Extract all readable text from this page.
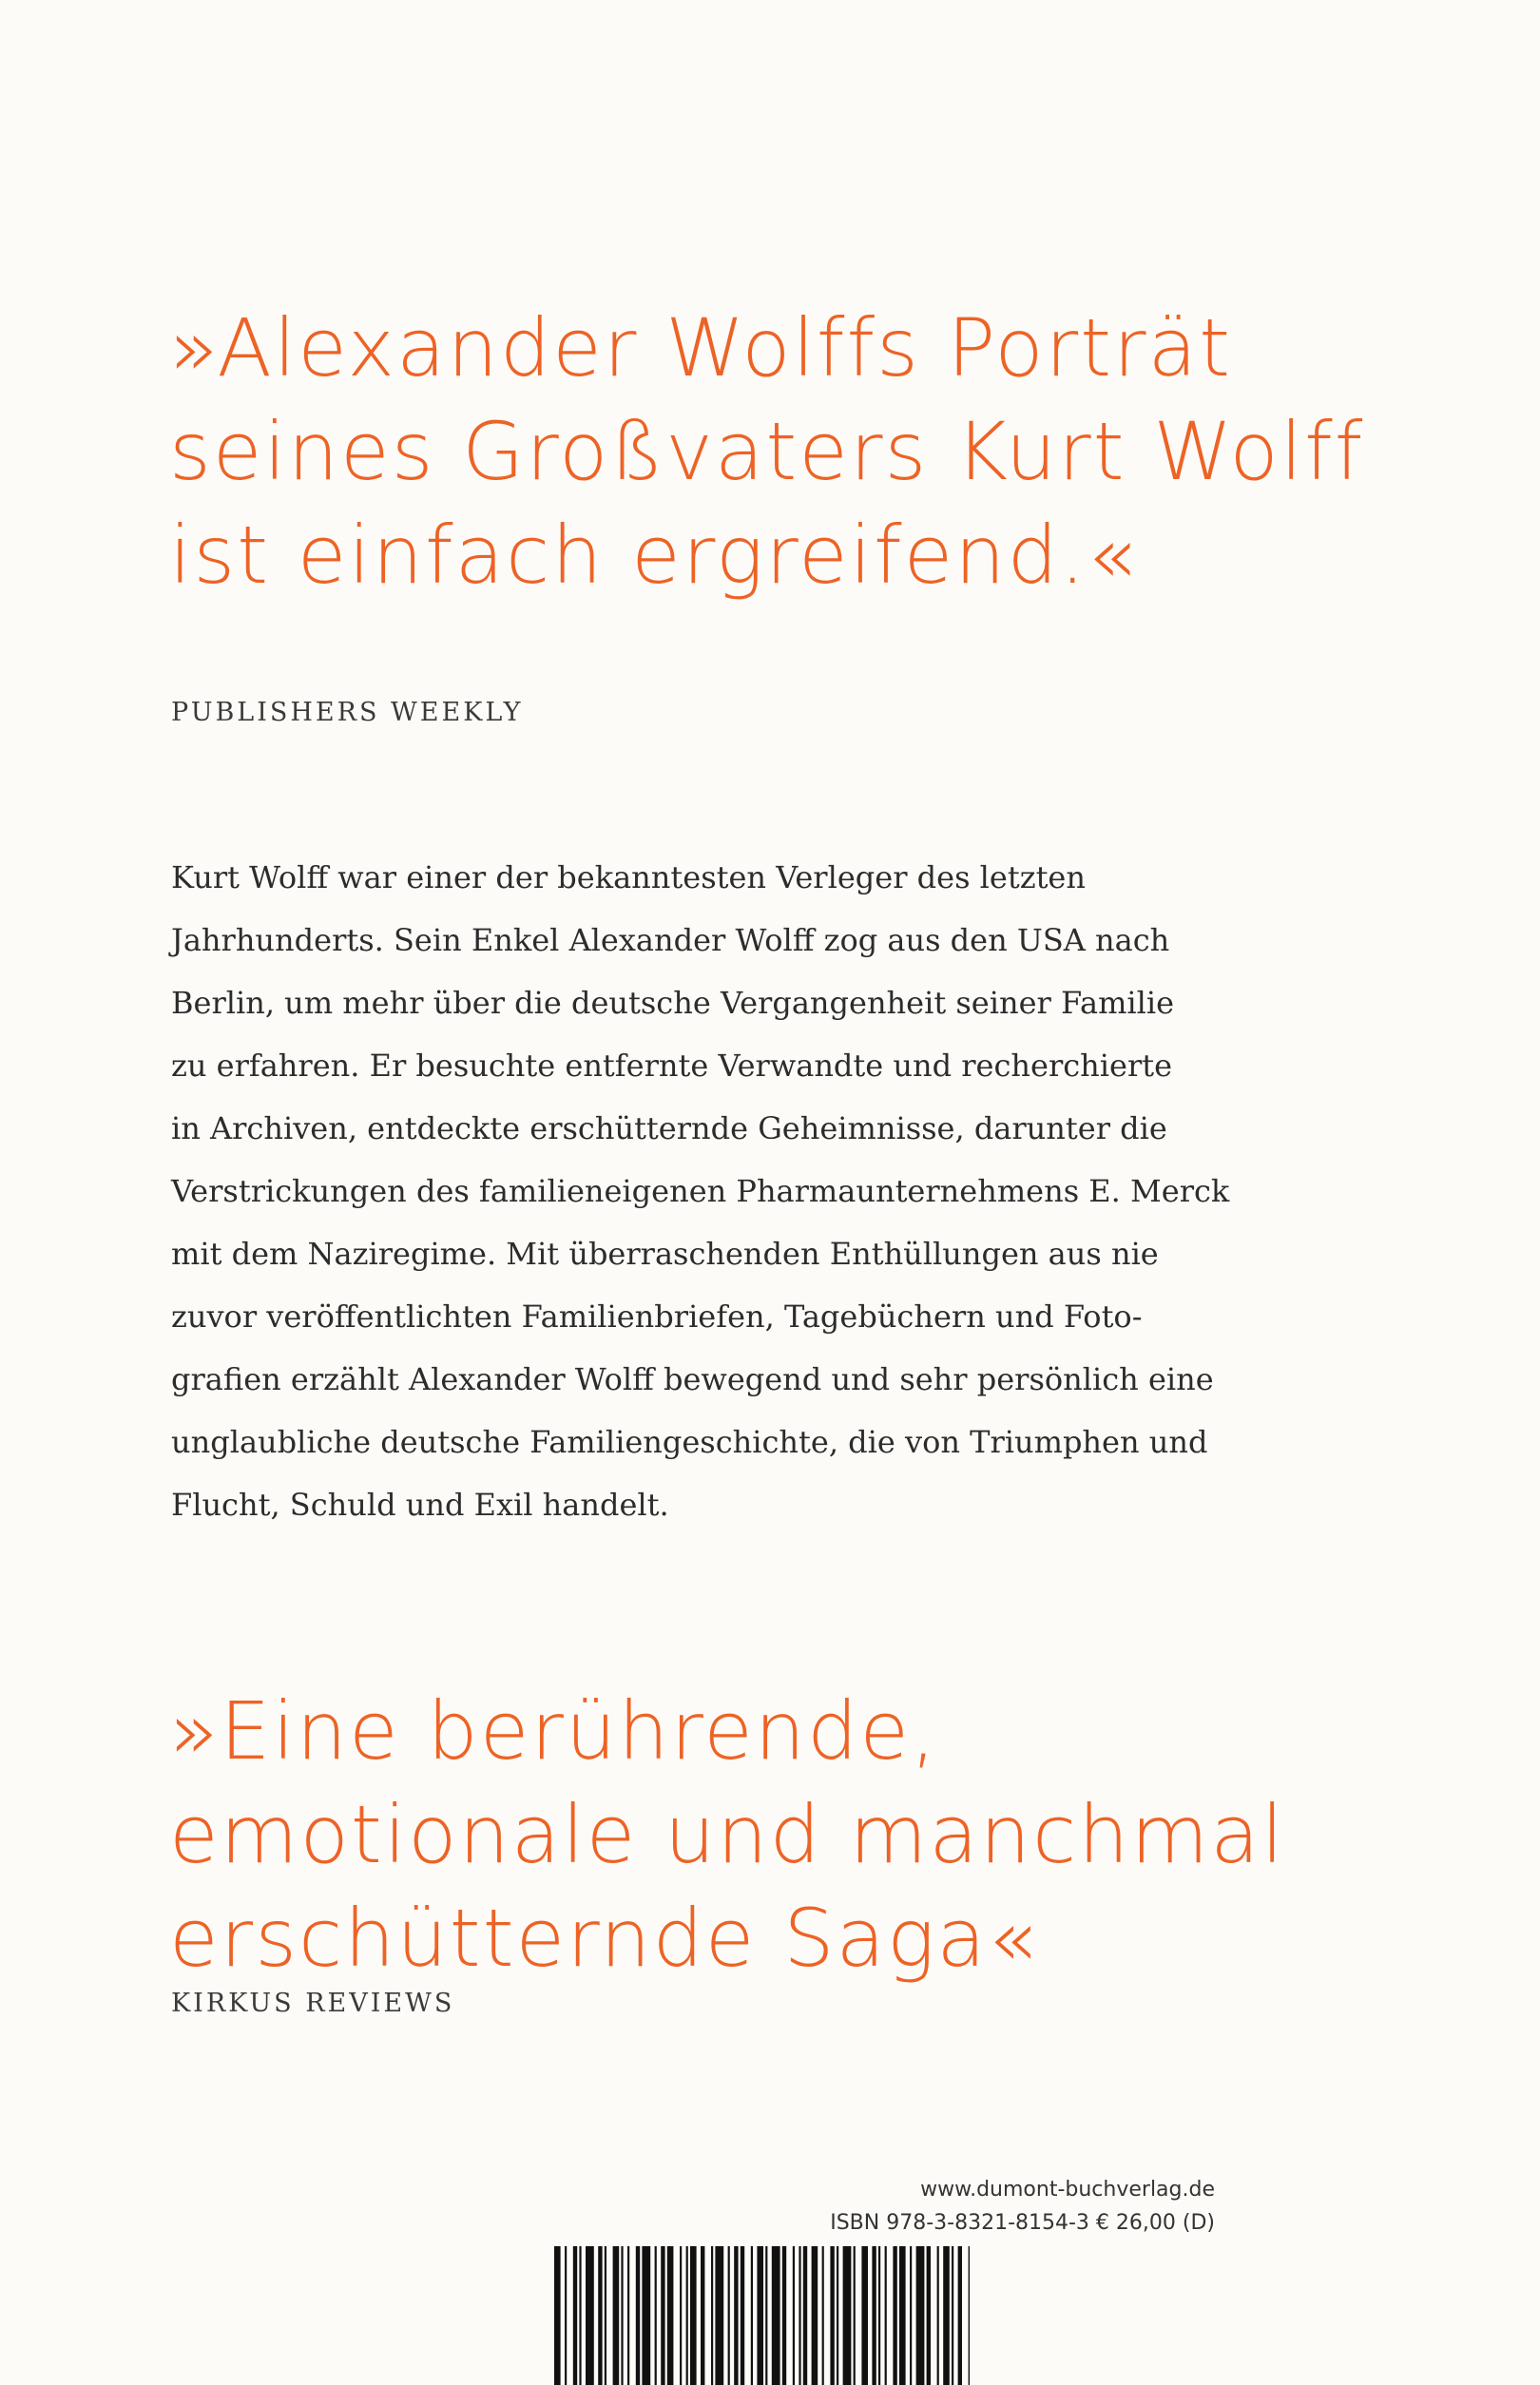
»Alexander Wolffs Porträt
seines Großvaters Kurt Wolff
ist einfach ergreifend.«

PUBLISHERS WEEKLY

Kurt Wolff war einer der bekanntesten Verleger des letzten
Jahrhunderts. Sein Enkel Alexander Wolff zog aus den USA nach
Berlin, um mehr über die deutsche Vergangenheit seiner Familie
zu erfahren. Er besuchte entfernte Verwandte und recherchierte
in Archiven, entdeckte erschütternde Geheimnisse, darunter die
Verstrickungen des familieneigenen Pharmaunternehmens E. Merck
mit dem Naziregime. Mit überraschenden Enthüllungen aus nie
zuvor veröffentlichten Familienbriefen, Tagebüchern und Foto-
grafien erzählt Alexander Wolff bewegend und sehr persönlich eine
unglaubliche deutsche Familiengeschichte, die von Triumphen und
Flucht, Schuld und Exil handelt.

»Eine berührende,
emotionale und manchmal
erschütternde Saga«

KIRKUS REVIEWS

www.dumont-buchverlag.de
ISBN 978-3-8321-8154-3 € 26,00 (D)
